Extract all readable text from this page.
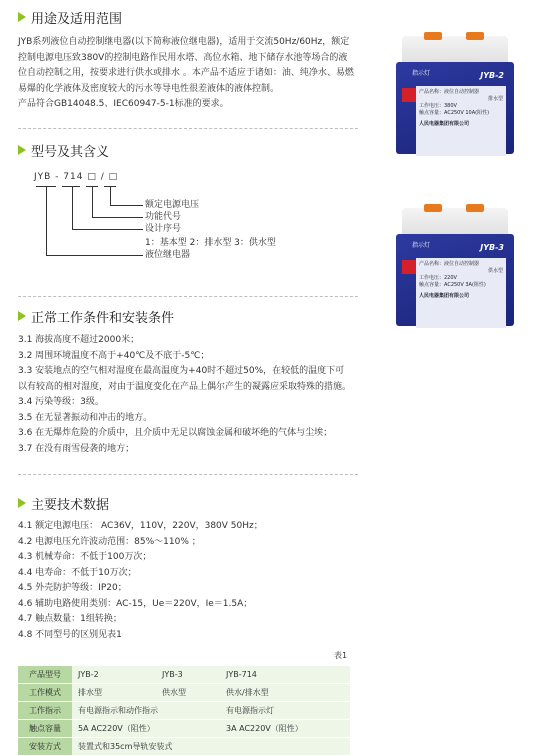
用途及适用范围
JYB系列液位自动控制继电器(以下简称液位继电器)，适用于交流50Hz/60Hz，额定控制电源电压致380V的控制电路作民用水塔、高位水箱、地下储存水池等场合的液位自动控制之用，按要求进行供水或排水 。本产品不适应于诸如：油、纯净水、易燃易爆的化学液体及密度较大的污水等导电性很差液体的液体控制。
产品符合GB14048.5、IEC60947-5-1标准的要求。
型号及其含义
JYB - 714 □ / □
额定电源电压
功能代号
设计序号
1：基本型 2：排水型 3：供水型
液位继电器
正常工作条件和安装条件
3.1 海拔高度不超过2000米；
3.2 周围环境温度不高于+40℃及不底于-5℃；
3.3 安装地点的空气相对湿度在最高温度为+40时不超过50%，在较低的温度下可
以有较高的相对湿度，对由于温度变化在产品上偶尔产生的凝露应采取特殊的措施。
3.4 污染等级：3级。
3.5 在无显著振动和冲击的地方。
3.6 在无爆炸危险的介质中，且介质中无足以腐蚀金属和破坏绝的气体与尘埃；
3.7 在没有雨雪侵袭的地方；
主要技术数据
4.1 额定电源电压： AC36V，110V，220V，380V 50Hz；
4.2 电源电压允许波动范围：85%～110% ；
4.3 机械寿命：不低于100万次；
4.4 电寿命：不低于10万次；
4.5 外壳防护等级：IP20；
4.6 辅助电路使用类别：AC-15，Ue＝220V，Ie＝1.5A；
4.7 触点数量：1组转换；
4.8 不同型号的区别见表1
表1
产品型号	JYB-2	JYB-3	JYB-714
工作模式	排水型	供水型	供水/排水型
工作指示	有电源指示和动作指示		有电源指示灯
触点容量	5A AC220V（阻性）		3A AC220V（阻性）
安装方式	装置式和35cm导轨安装式		
指示灯	JYB-2
产品名称：液位自动控制器
排水型
工作电压：380V
触点容量：AC250V 10A(阻性)
人民电器集团有限公司
指示灯	JYB-3
产品名称：液位自动控制器
供水型
工作电压：220V
触点容量：AC250V 3A(阻性)
人民电器集团有限公司
